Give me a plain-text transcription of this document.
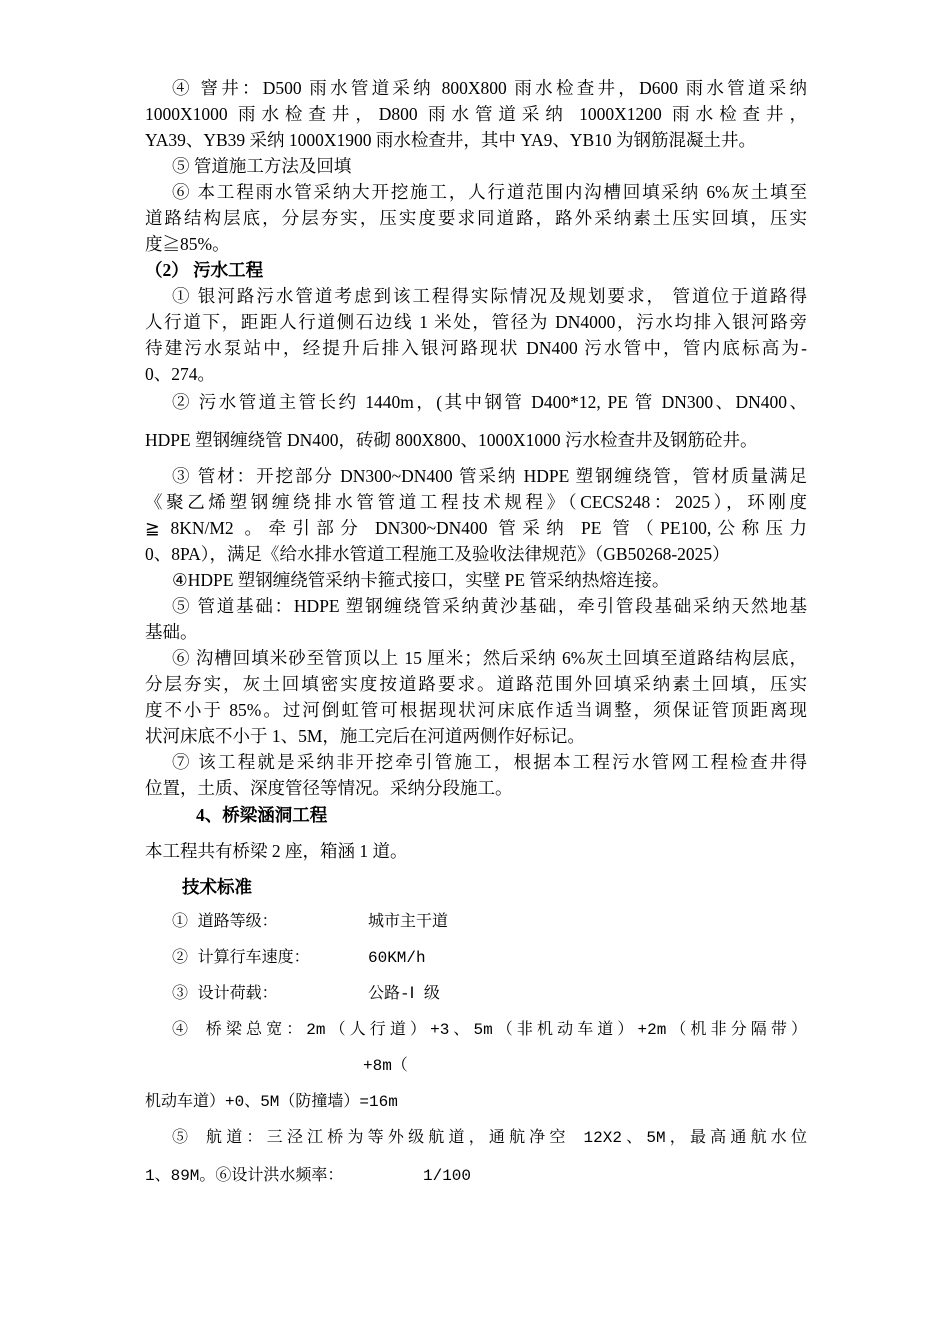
④ 窨井：D500 雨水管道采纳 800X800 雨水检查井，D600 雨水管道采纳
1000X1000 雨水检查井，D800 雨水管道采纳 1000X1200 雨水检查井，
YA39、YB39 采纳 1000X1900 雨水检查井，其中 YA9、YB10 为钢筋混凝土井。
⑤ 管道施工方法及回填
⑥ 本工程雨水管采纳大开挖施工，人行道范围内沟槽回填采纳 6%灰土填至
道路结构层底，分层夯实，压实度要求同道路，路外采纳素土压实回填，压实
度≧85%。
（2） 污水工程
① 银河路污水管道考虑到该工程得实际情况及规划要求， 管道位于道路得
人行道下，距距人行道侧石边线 1 米处，管径为 DN4000，污水均排入银河路旁
待建污水泵站中，经提升后排入银河路现状 DN400 污水管中，管内底标高为-
0、274。
② 污水管道主管长约 1440m，(其中钢管 D400*12, PE 管 DN300、DN400、
HDPE 塑钢缠绕管 DN400，砖砌 800X800、1000X1000 污水检查井及钢筋砼井。
③ 管材：开挖部分 DN300~DN400 管采纳 HDPE 塑钢缠绕管，管材质量满足
《聚乙烯塑钢缠绕排水管管道工程技术规程》（CECS248：2025），环刚度
≧ 8KN/M2 。牵引部分 DN300~DN400 管采纳 PE 管（PE100,公称压力
0、8PA），满足《给水排水管道工程施工及验收法律规范》（GB50268-2025）
④HDPE 塑钢缠绕管采纳卡箍式接口，实壁 PE 管采纳热熔连接。
⑤ 管道基础：HDPE 塑钢缠绕管采纳黄沙基础，牵引管段基础采纳天然地基
基础。
⑥ 沟槽回填米砂至管顶以上 15 厘米；然后采纳 6%灰土回填至道路结构层底，
分层夯实，灰土回填密实度按道路要求。道路范围外回填采纳素土回填，压实
度不小于 85%。过河倒虹管可根据现状河床底作适当调整，须保证管顶距离现
状河床底不小于 1、5M，施工完后在河道两侧作好标记。
⑦ 该工程就是采纳非开挖牵引管施工，根据本工程污水管网工程检查井得
位置，土质、深度管径等情况。采纳分段施工。
4、桥梁涵洞工程
本工程共有桥梁 2 座，箱涵 1 道。
技术标准
① 道路等级：	城市主干道
② 计算行车速度：	60KM/h
③ 设计荷载：	公路-Ⅰ 级
④ 桥梁总宽：2m（人行道）+3、5m（非机动车道）+2m（机非分隔带）
+8m（
机动车道）+0、5M（防撞墙）=16m
⑤ 航道：三泾江桥为等外级航道，通航净空 12X2、5M，最高通航水位
1、89M。⑥设计洪水频率：	1/100
